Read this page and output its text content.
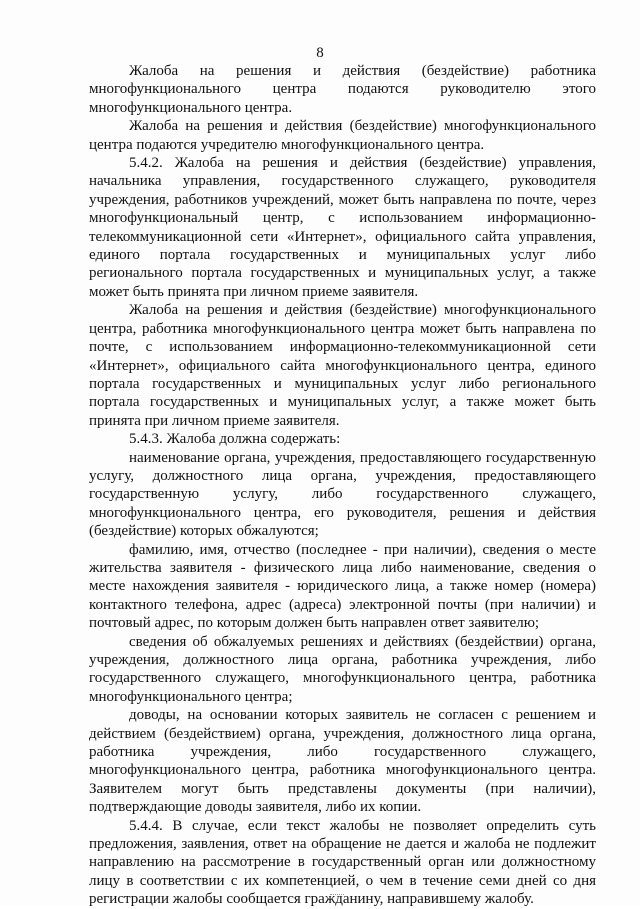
8

Жалоба на решения и действия (бездействие) работника многофункционального центра подаются руководителю этого многофункционального центра.

Жалоба на решения и действия (бездействие) многофункционального центра подаются учредителю многофункционального центра.

5.4.2. Жалоба на решения и действия (бездействие) управления, начальника управления, государственного служащего, руководителя учреждения, работников учреждений, может быть направлена по почте, через многофункциональный центр, с использованием информационно-телекоммуникационной сети «Интернет», официального сайта управления, единого портала государственных и муниципальных услуг либо регионального портала государственных и муниципальных услуг, а также может быть принята при личном приеме заявителя.

Жалоба на решения и действия (бездействие) многофункционального центра, работника многофункционального центра может быть направлена по почте, с использованием информационно-телекоммуникационной сети «Интернет», официального сайта многофункционального центра, единого портала государственных и муниципальных услуг либо регионального портала государственных и муниципальных услуг, а также может быть принята при личном приеме заявителя.

5.4.3. Жалоба должна содержать:

наименование органа, учреждения, предоставляющего государственную услугу, должностного лица органа, учреждения, предоставляющего государственную услугу, либо государственного служащего, многофункционального центра, его руководителя, решения и действия (бездействие) которых обжалуются;

фамилию, имя, отчество (последнее - при наличии), сведения о месте жительства заявителя - физического лица либо наименование, сведения о месте нахождения заявителя - юридического лица, а также номер (номера) контактного телефона, адрес (адреса) электронной почты (при наличии) и почтовый адрес, по которым должен быть направлен ответ заявителю;

сведения об обжалуемых решениях и действиях (бездействии) органа, учреждения, должностного лица органа, работника учреждения, либо государственного служащего, многофункционального центра, работника многофункционального центра;

доводы, на основании которых заявитель не согласен с решением и действием (бездействием) органа, учреждения, должностного лица органа, работника учреждения, либо государственного служащего, многофункционального центра, работника многофункционального центра. Заявителем могут быть представлены документы (при наличии), подтверждающие доводы заявителя, либо их копии.

5.4.4. В случае, если текст жалобы не позволяет определить суть предложения, заявления, ответ на обращение не дается и жалоба не подлежит направлению на рассмотрение в государственный орган или должностному лицу в соответствии с их компетенцией, о чем в течение семи дней со дня регистрации жалобы сообщается гражданину, направившему жалобу.
